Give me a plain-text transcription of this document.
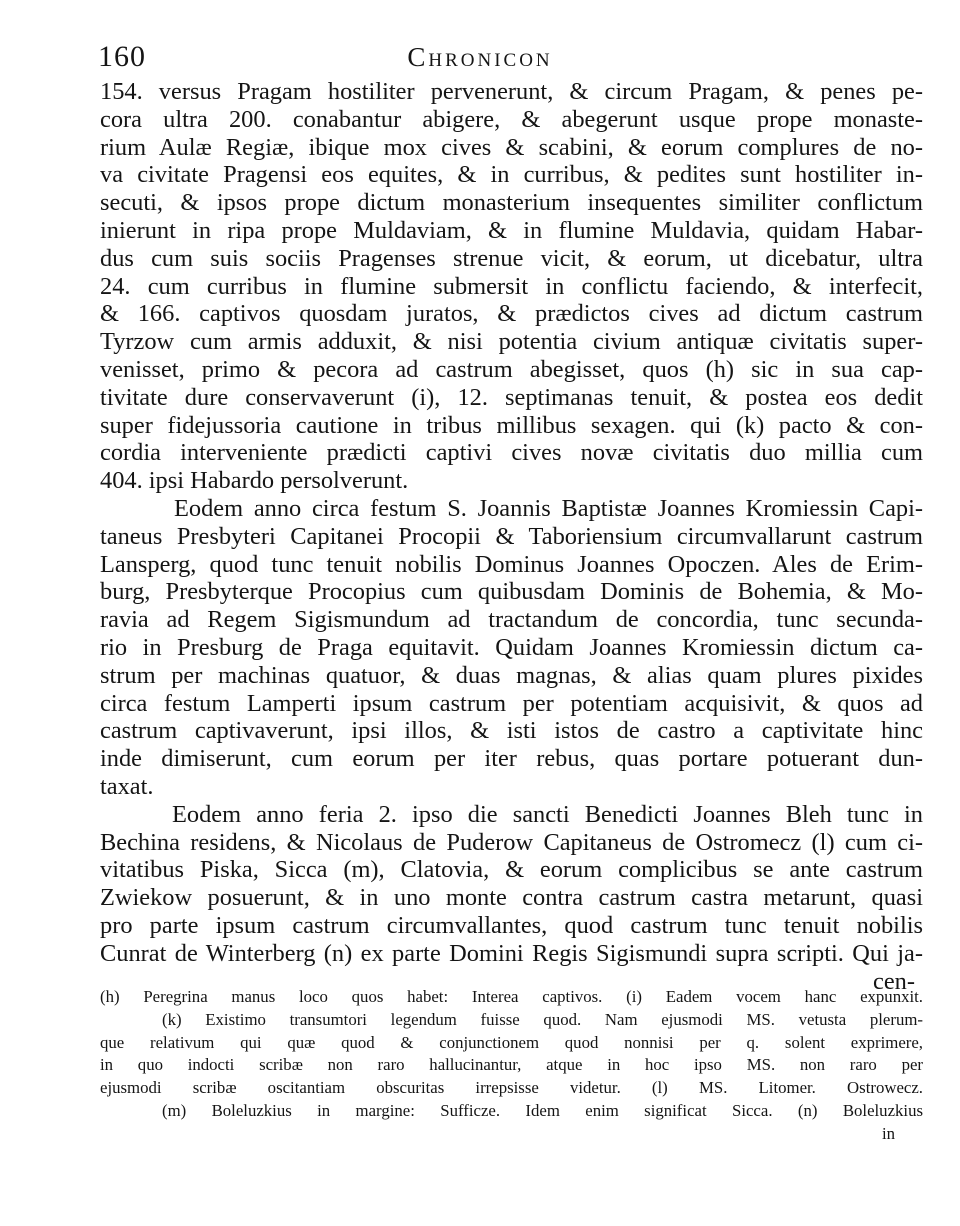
160	Chronicon
154. versus Pragam hostiliter pervenerunt, & circum Pragam, & penes pe-
cora ultra 200. conabantur abigere, & abegerunt usque prope monaste-
rium Aulæ Regiæ, ibique mox cives & scabini, & eorum complures de no-
va civitate Pragensi eos equites, & in curribus, & pedites sunt hostiliter in-
secuti, & ipsos prope dictum monasterium insequentes similiter conflictum
inierunt in ripa prope Muldaviam, & in flumine Muldavia, quidam Habar-
dus cum suis sociis Pragenses strenue vicit, & eorum, ut dicebatur, ultra
24. cum curribus in flumine submersit in conflictu faciendo, & interfecit,
& 166. captivos quosdam juratos, & prædictos cives ad dictum castrum
Tyrzow cum armis adduxit, & nisi potentia civium antiquæ civitatis super-
venisset, primo & pecora ad castrum abegisset, quos (h) sic in sua cap-
tivitate dure conservaverunt (i), 12. septimanas tenuit, & postea eos dedit
super fidejussoria cautione in tribus millibus sexagen. qui (k) pacto & con-
cordia interveniente prædicti captivi cives novæ civitatis duo millia cum
404. ipsi Habardo persolverunt.
Eodem anno circa festum S. Joannis Baptistæ Joannes Kromiessin Capi-
taneus Presbyteri Capitanei Procopii & Taboriensium circumvallarunt castrum
Lansperg, quod tunc tenuit nobilis Dominus Joannes Opoczen. Ales de Erim-
burg, Presbyterque Procopius cum quibusdam Dominis de Bohemia, & Mo-
ravia ad Regem Sigismundum ad tractandum de concordia, tunc secunda-
rio in Presburg de Praga equitavit. Quidam Joannes Kromiessin dictum ca-
strum per machinas quatuor, & duas magnas, & alias quam plures pixides
circa festum Lamperti ipsum castrum per potentiam acquisivit, & quos ad
castrum captivaverunt, ipsi illos, & isti istos de castro a captivitate hinc
inde dimiserunt, cum eorum per iter rebus, quas portare potuerant dun-
taxat.
Eodem anno feria 2. ipso die sancti Benedicti Joannes Bleh tunc in
Bechina residens, & Nicolaus de Puderow Capitaneus de Ostromecz (l) cum ci-
vitatibus Piska, Sicca (m), Clatovia, & eorum complicibus se ante castrum
Zwiekow posuerunt, & in uno monte contra castrum castra metarunt, quasi
pro parte ipsum castrum circumvallantes, quod castrum tunc tenuit nobilis
Cunrat de Winterberg (n) ex parte Domini Regis Sigismundi supra scripti. Qui ja-
cen-
(h) Peregrina manus loco quos habet: Interea captivos. (i) Eadem vocem hanc expunxit.
(k) Existimo transumtori legendum fuisse quod. Nam ejusmodi MS. vetusta plerum-
que relativum qui quæ quod & conjunctionem quod nonnisi per q. solent exprimere,
in quo indocti scribæ non raro hallucinantur, atque in hoc ipso MS. non raro per
ejusmodi scribæ oscitantiam obscuritas irrepsisse videtur. (l) MS. Litomer. Ostrowecz.
(m) Boleluzkius in margine: Sufficze. Idem enim significat Sicca. (n) Boleluzkius
in
